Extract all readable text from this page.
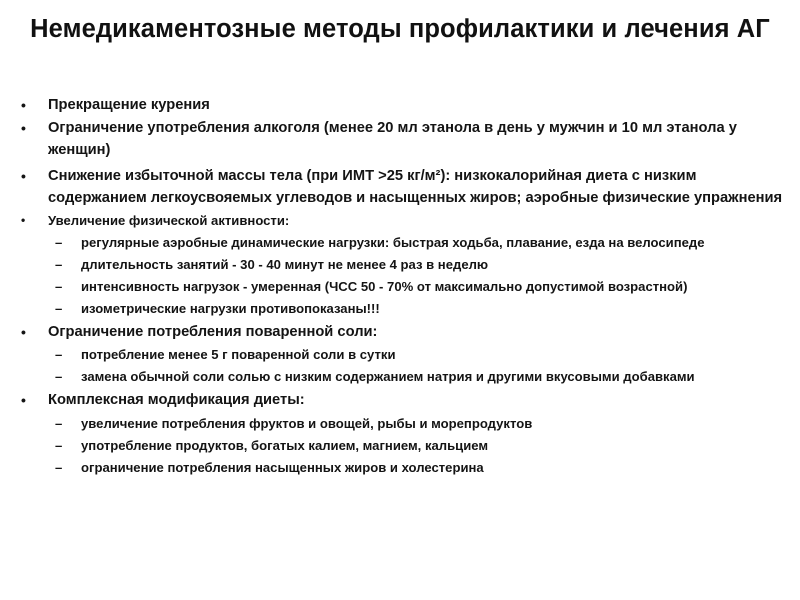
Немедикаментозные методы профилактики и лечения АГ
• Прекращение курения
• Ограничение употребления алкоголя (менее 20 мл этанола в день у мужчин и 10 мл этанола у женщин)
• Снижение избыточной массы тела (при ИМТ >25 кг/м²): низкокалорийная диета с низким содержанием легкоусвояемых углеводов и насыщенных жиров; аэробные физические упражнения
• Увеличение физической активности:
– регулярные аэробные динамические нагрузки: быстрая ходьба, плавание, езда на велосипеде
– длительность занятий - 30 - 40 минут не менее 4 раз в неделю
– интенсивность нагрузок - умеренная (ЧСС 50 - 70% от максимально допустимой возрастной)
– изометрические нагрузки противопоказаны!!!
• Ограничение потребления поваренной соли:
– потребление менее 5 г поваренной соли в сутки
– замена обычной соли солью с низким содержанием натрия и другими вкусовыми добавками
• Комплексная модификация диеты:
– увеличение потребления фруктов и овощей, рыбы и морепродуктов
– употребление продуктов, богатых калием, магнием, кальцием
– ограничение потребления насыщенных жиров и холестерина
